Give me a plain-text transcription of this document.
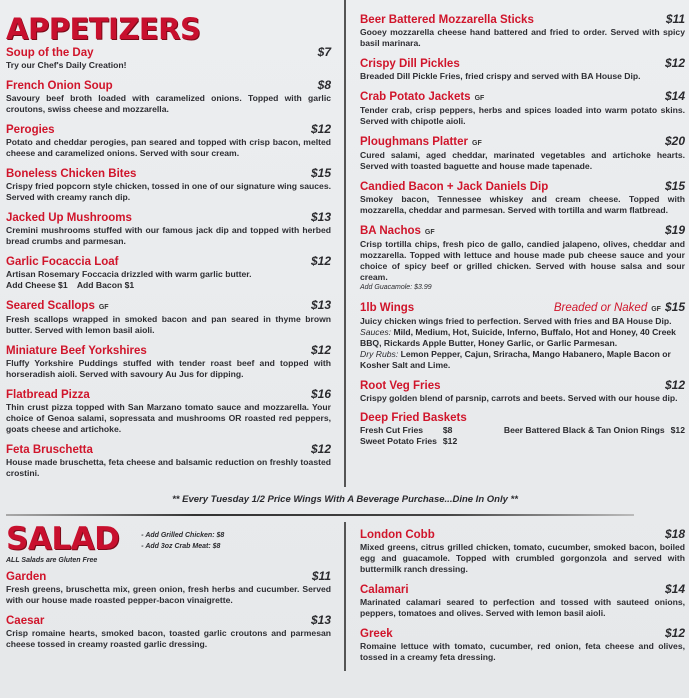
APPETIZERS
Soup of the Day	$7
Try our Chef's Daily Creation!
French Onion Soup	$8
Savoury beef broth loaded with caramelized onions. Topped with garlic croutons, swiss cheese and mozzarella.
Perogies	$12
Potato and cheddar perogies, pan seared and topped with crisp bacon, melted cheese and caramelized onions. Served with sour cream.
Boneless Chicken Bites	$15
Crispy fried popcorn style chicken, tossed in one of our signature wing sauces. Served with creamy ranch dip.
Jacked Up Mushrooms	$13
Cremini mushrooms stuffed with our famous jack dip and topped with herbed bread crumbs and parmesan.
Garlic Focaccia Loaf	$12
Artisan Rosemary Foccacia drizzled with warm garlic butter.
Add Cheese $1    Add Bacon $1
Seared Scallops GF	$13
Fresh scallops wrapped in smoked bacon and pan seared in thyme brown butter. Served with lemon basil aioli.
Miniature Beef Yorkshires	$12
Fluffy Yorkshire Puddings stuffed with tender roast beef and topped with horseradish aioli. Served with savoury Au Jus for dipping.
Flatbread Pizza	$16
Thin crust pizza topped with San Marzano tomato sauce and mozzarella. Your choice of Genoa salami, sopressata and mushrooms OR roasted red peppers, goats cheese and artichoke.
Feta Bruschetta	$12
House made bruschetta, feta cheese and balsamic reduction on freshly toasted crostini.
Beer Battered Mozzarella Sticks	$11
Gooey mozzarella cheese hand battered and fried to order. Served with spicy basil marinara.
Crispy Dill Pickles	$12
Breaded Dill Pickle Fries, fried crispy and served with BA House Dip.
Crab Potato Jackets GF	$14
Tender crab, crisp peppers, herbs and spices loaded into warm potato skins. Served with chipotle aioli.
Ploughmans Platter GF	$20
Cured salami, aged cheddar, marinated vegetables and artichoke hearts. Served with toasted baguette and house made tapenade.
Candied Bacon + Jack Daniels Dip	$15
Smokey bacon, Tennessee whiskey and cream cheese. Topped with mozzarella, cheddar and parmesan. Served with tortilla and warm flatbread.
BA Nachos GF	$19
Crisp tortilla chips, fresh pico de gallo, candied jalapeno, olives, cheddar and mozzarella. Topped with lettuce and house made pub cheese sauce and your choice of spicy beef or grilled chicken. Served with house salsa and sour cream.
Add Guacamole: $3.99
1lb Wings	Breaded or Naked GF $15
Juicy chicken wings fried to perfection. Served with fries and BA House Dip.
Sauces: Mild, Medium, Hot, Suicide, Inferno, Buffalo, Hot and Honey, 40 Creek BBQ, Rickards Apple Butter, Honey Garlic, or Garlic Parmesan.
Dry Rubs: Lemon Pepper, Cajun, Sriracha, Mango Habanero, Maple Bacon or Kosher Salt and Lime.
Root Veg Fries	$12
Crispy golden blend of parsnip, carrots and beets. Served with our house dip.
Deep Fried Baskets
Fresh Cut Fries	$8	Beer Battered Black & Tan Onion Rings $12
Sweet Potato Fries $12
** Every Tuesday 1/2 Price Wings With A Beverage Purchase...Dine In Only **
SALAD
ALL Salads are Gluten Free
- Add Grilled Chicken: $8
- Add 3oz Crab Meat: $8
Garden	$11
Fresh greens, bruschetta mix, green onion, fresh herbs and cucumber. Served with our house made roasted pepper-bacon vinaigrette.
Caesar	$13
Crisp romaine hearts, smoked bacon, toasted garlic croutons and parmesan cheese tossed in creamy roasted garlic dressing.
London Cobb	$18
Mixed greens, citrus grilled chicken, tomato, cucumber, smoked bacon, boiled egg and guacamole. Topped with crumbled gorgonzola and served with buttermilk ranch dressing.
Calamari	$14
Marinated calamari seared to perfection and tossed with sauteed onions, peppers, tomatoes and olives. Served with lemon basil aioli.
Greek	$12
Romaine lettuce with tomato, cucumber, red onion, feta cheese and olives, tossed in a creamy feta dressing.
